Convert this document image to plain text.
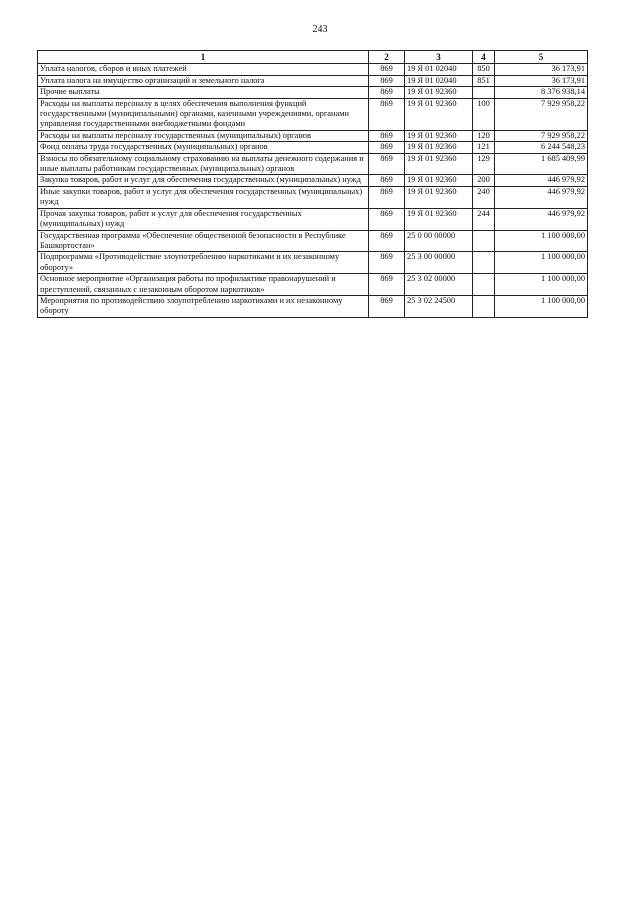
243
1	2	3	4	5
Уплата налогов, сборов и иных платежей	869	19 Я 01 02040	850	36 173,91
Уплата налога на имущество организаций и земельного налога	869	19 Я 01 02040	851	36 173,91
Прочие выплаты	869	19 Я 01 92360		8 376 938,14
Расходы на выплаты персоналу в целях обеспечения выполнения функций государственными (муниципальными) органами, казенными учреждениями, органами управления государственными внебюджетными фондами	869	19 Я 01 92360	100	7 929 958,22
Расходы на выплаты персоналу государственных (муниципальных) органов	869	19 Я 01 92360	120	7 929 958,22
Фонд оплаты труда государственных (муниципальных) органов	869	19 Я 01 92360	121	6 244 548,23
Взносы по обязательному социальному страхованию на выплаты денежного содержания и иные выплаты работникам государственных (муниципальных) органов	869	19 Я 01 92360	129	1 685 409,99
Закупка товаров, работ и услуг для обеспечения государственных (муниципальных) нужд	869	19 Я 01 92360	200	446 979,92
Иные закупки товаров, работ и услуг для обеспечения государственных (муниципальных) нужд	869	19 Я 01 92360	240	446 979,92
Прочая закупка товаров, работ и услуг для обеспечения государственных (муниципальных) нужд	869	19 Я 01 92360	244	446 979,92
Государственная программа «Обеспечение общественной безопасности в Республике Башкортостан»	869	25 0 00 00000		1 100 000,00
Подпрограмма «Противодействие злоупотреблению наркотиками и их незаконному обороту»	869	25 3 00 00000		1 100 000,00
Основное мероприятие «Организация работы по профилактике правонарушений и преступлений, связанных с незаконным оборотом наркотиков»	869	25 3 02 00000		1 100 000,00
Мероприятия по противодействию злоупотреблению наркотиками и их незаконному обороту	869	25 3 02 24500		1 100 000,00
